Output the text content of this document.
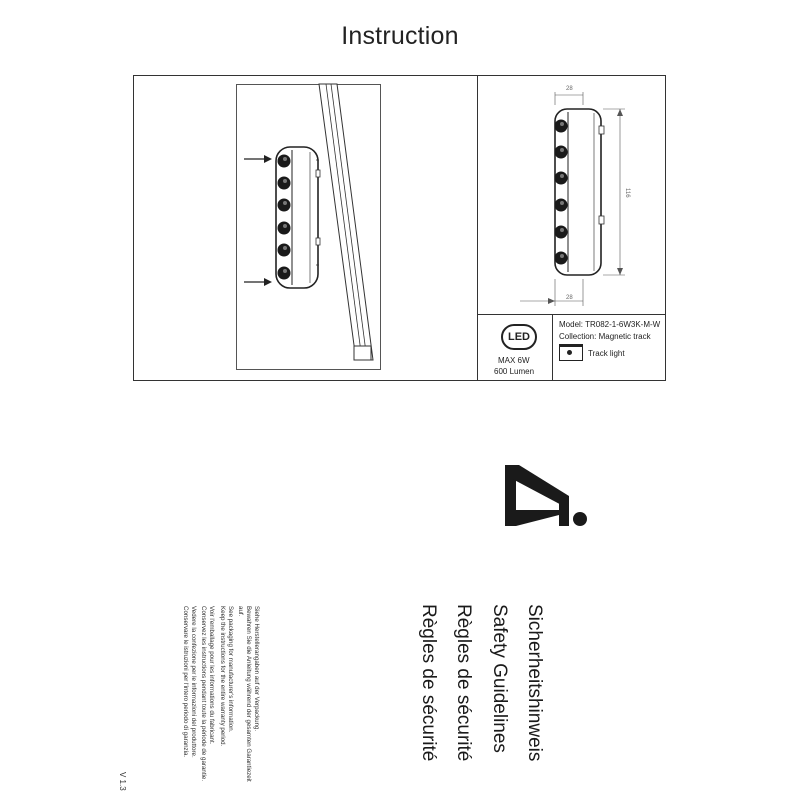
Instruction
28
28
116
LED
MAX 6W
600 Lumen
Model: TR082-1-6W3K-M-W
Collection: Magnetic track
Track light
Sicherheitshinweis
Safety Guidelines
Règles de sécurité
Règles de sécurité
Siehe Herstellerangaben auf der Verpackung.
Bewahren Sie die Anleitung während der gesamten Garantiezeit
auf.
See packaging for manufacturer's information.
Keep the instructions for the entire warranty period.
Voir l'emballage pour les informations du fabricant.
Conservez les instructions pendant toute la période de garantie.
Vedere la confezione per le informazioni del produttore.
Conservare le istruzioni per l'intero periodo di garanzia.
V 1.3
